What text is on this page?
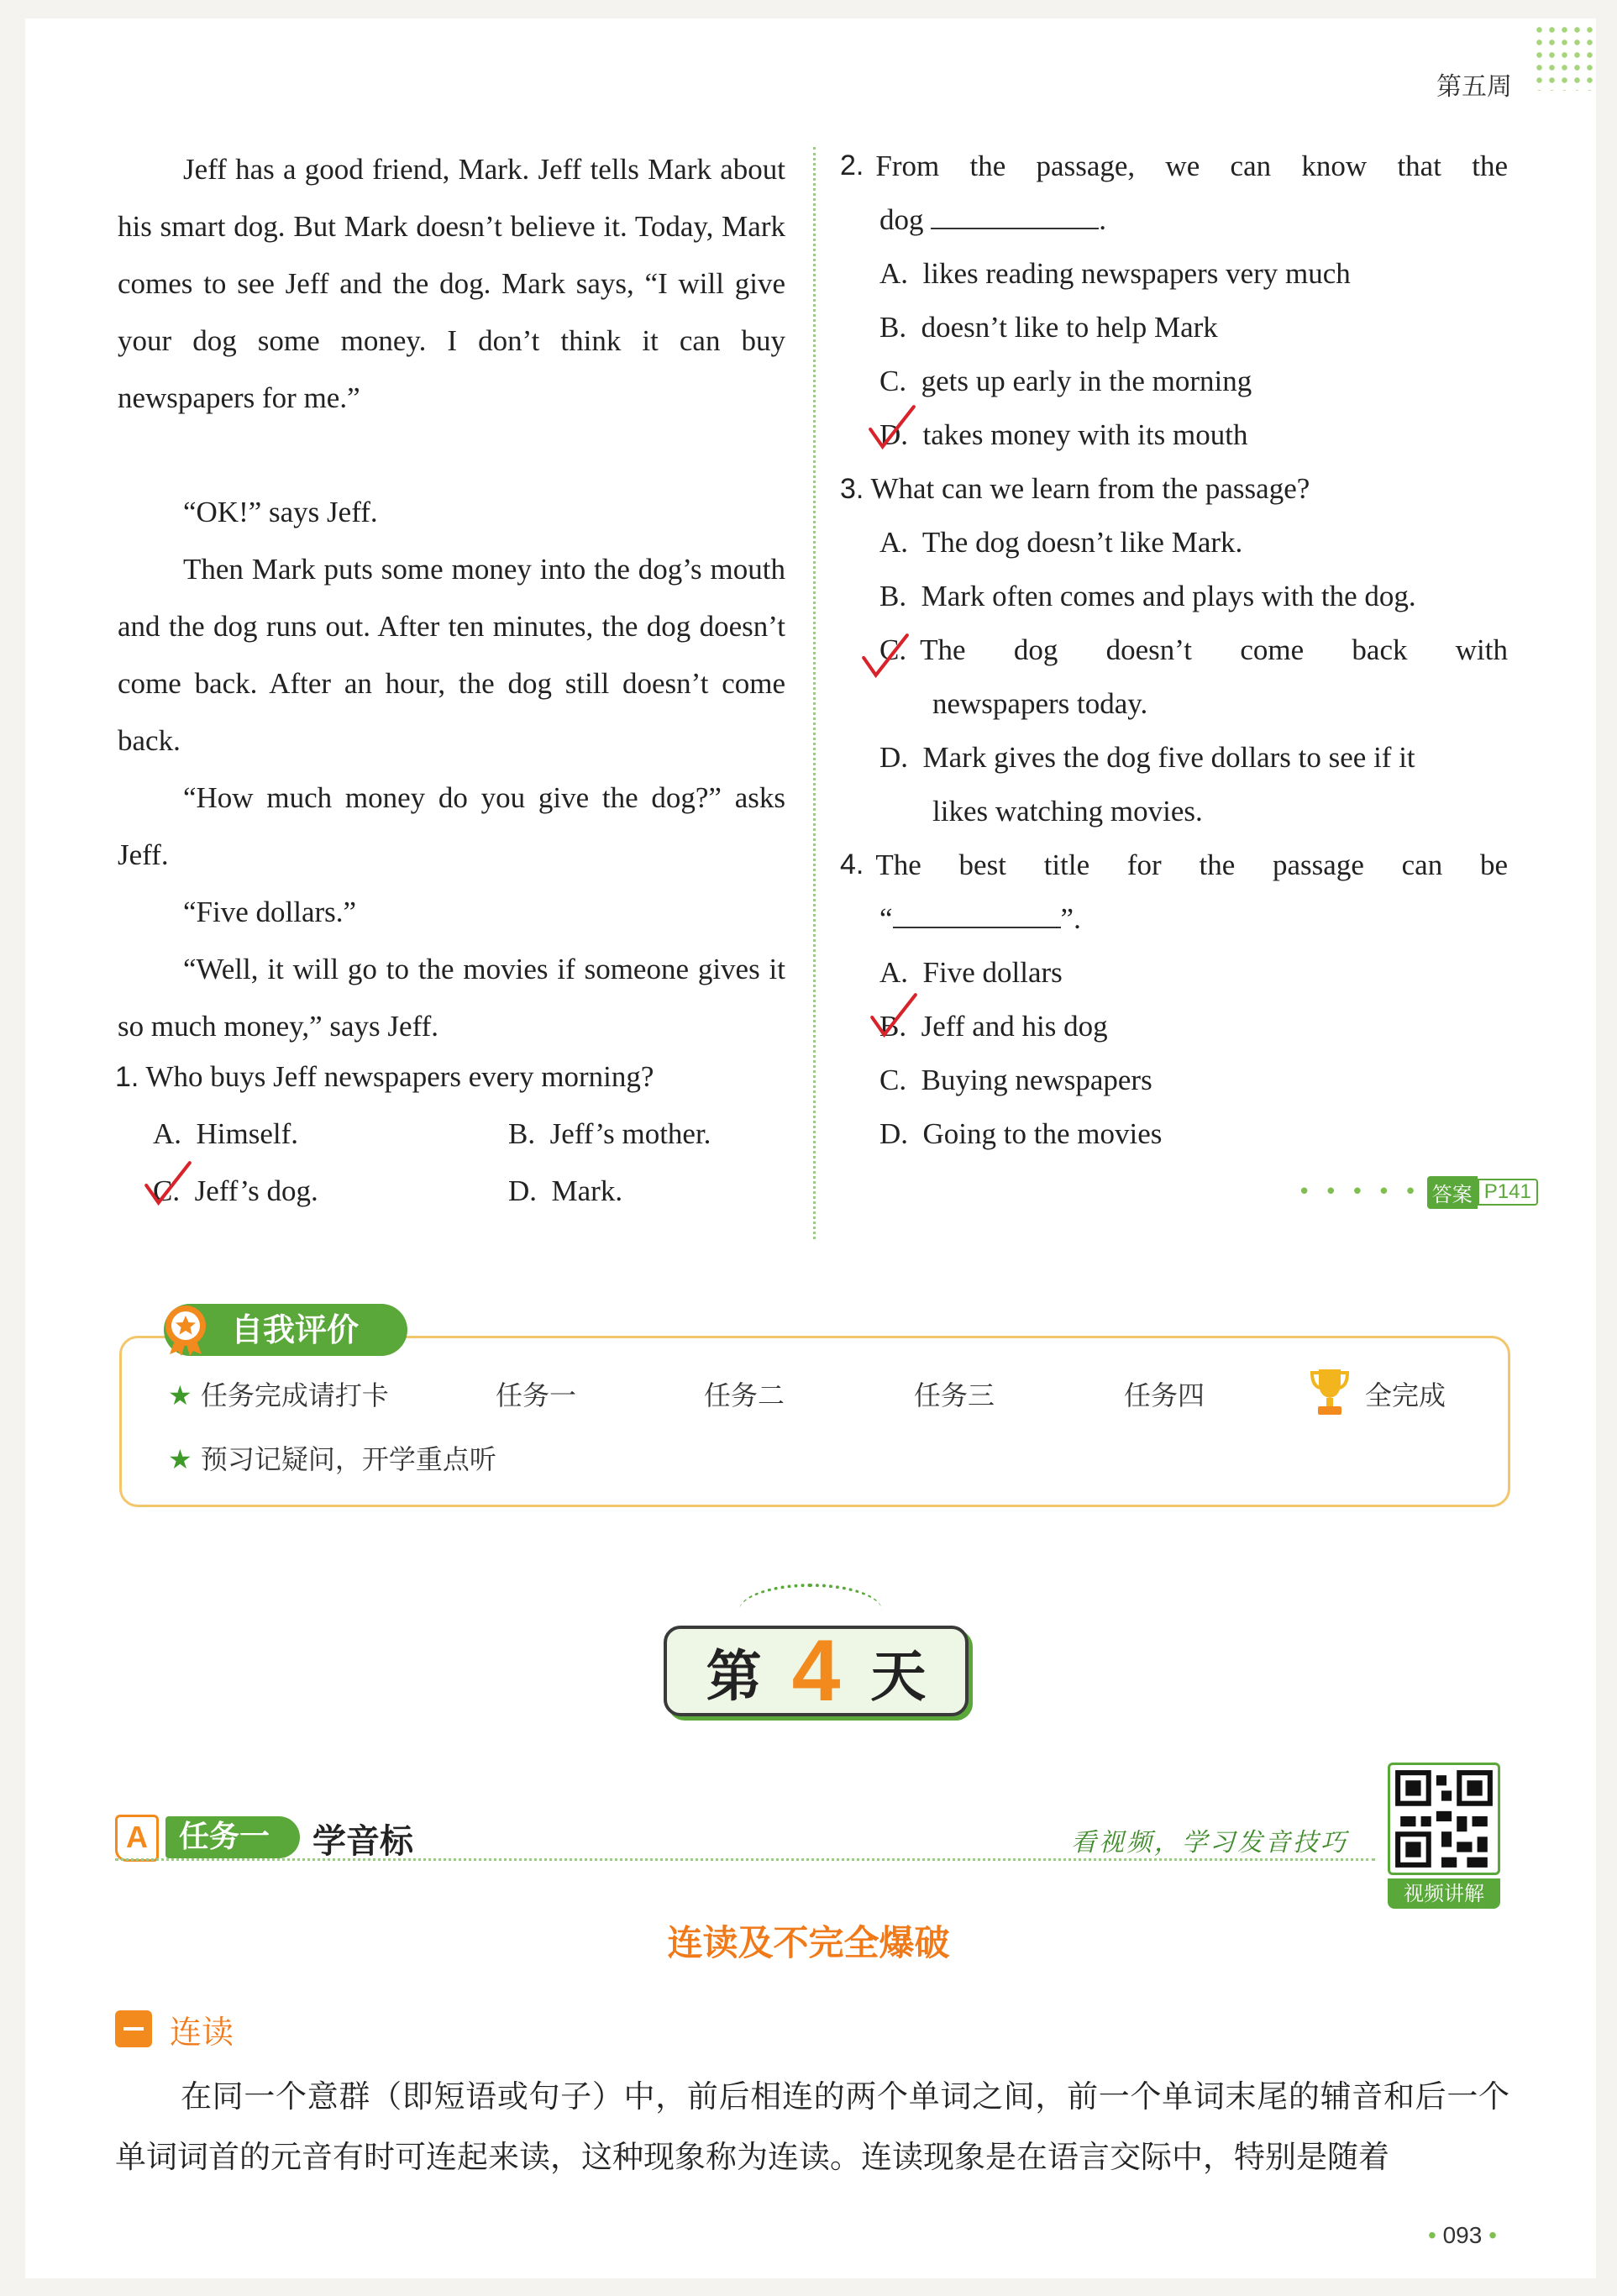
第五周

Jeff has a good friend, Mark. Jeff tells Mark about his smart dog. But Mark doesn’t believe it. Today, Mark comes to see Jeff and the dog. Mark says, “I will give your dog some money. I don’t think it can buy newspapers for me.”

“OK!” says Jeff.

Then Mark puts some money into the dog’s mouth and the dog runs out. After ten minutes, the dog doesn’t come back. After an hour, the dog still doesn’t come back.

“How much money do you give the dog?” asks Jeff.

“Five dollars.”

“Well, it will go to the movies if someone gives it so much money,” says Jeff.

1. Who buys Jeff newspapers every morning?
A. Himself.	B. Jeff’s mother.
C. Jeff’s dog.	D. Mark.
2. From the passage, we can know that the
dog	.
A. likes reading newspapers very much
B. doesn’t like to help Mark
C. gets up early in the morning
D. takes money with its mouth
3. What can we learn from the passage?
A. The dog doesn’t like Mark.
B. Mark often comes and plays with the dog.
C. The dog doesn’t come back with
newspapers today.
D. Mark gives the dog five dollars to see if it
likes watching movies.
4. The best title for the passage can be
“	”.
A. Five dollars
B. Jeff and his dog
C. Buying newspapers
D. Going to the movies
• • • • • 答案 P141
自我评价
★ 任务完成请打卡	任务一	任务二	任务三	任务四	全完成
★ 预习记疑问，开学重点听
第 4 天
A	任务一	学音标	看视频，学习发音技巧
视频讲解
连读及不完全爆破
连读

在同一个意群（即短语或句子）中，前后相连的两个单词之间，前一个单词末尾的辅音和后一个单词词首的元音有时可连起来读，这种现象称为连读。连读现象是在语言交际中，特别是随着

• 093 •
